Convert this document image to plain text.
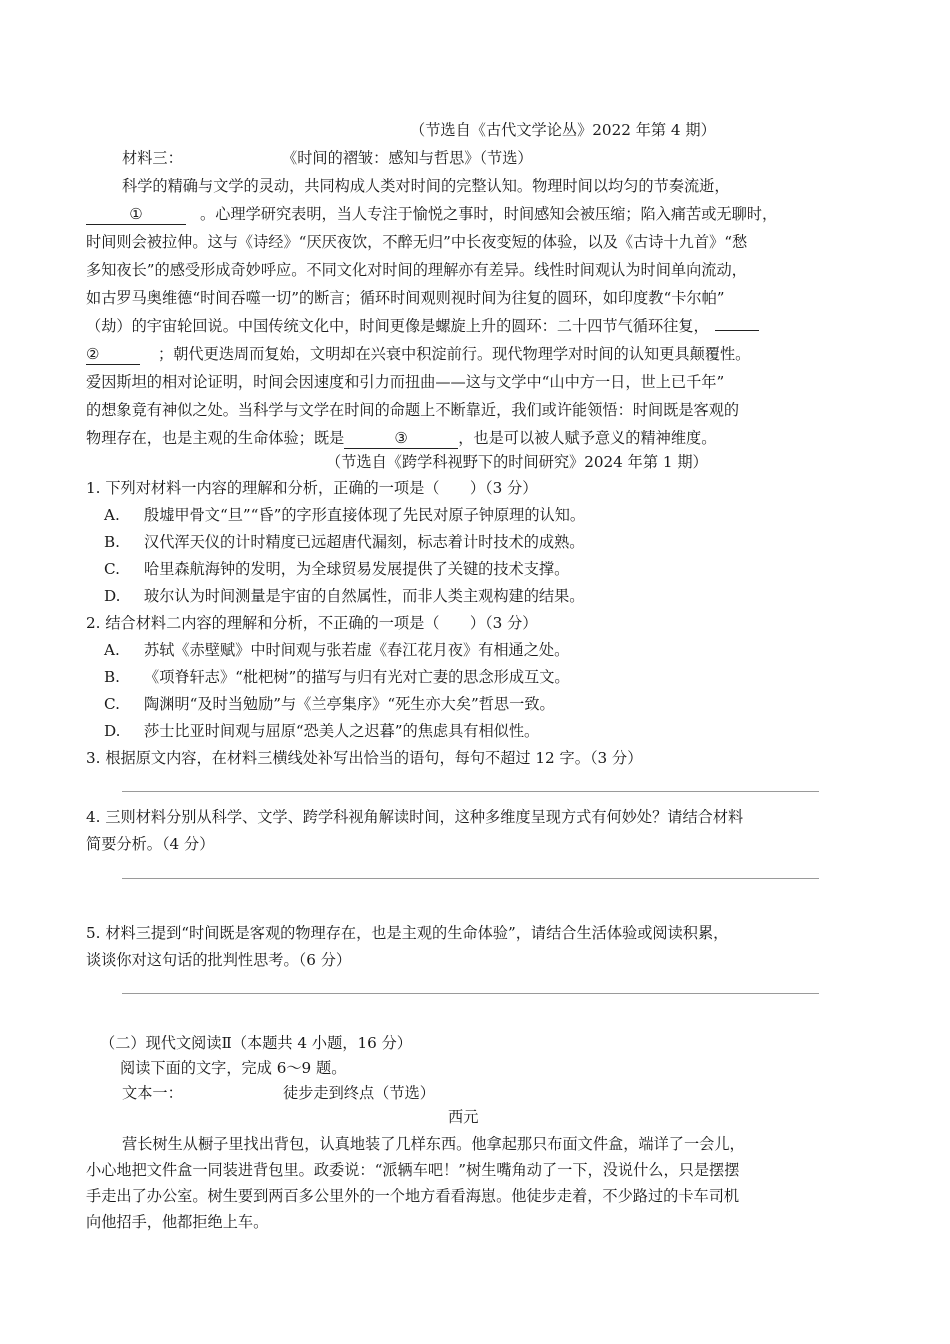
（节选自《古代文学论丛》2022 年第 4 期）
材料三：	《时间的褶皱：感知与哲思》（节选）
科学的精确与文学的灵动，共同构成人类对时间的完整认知。物理时间以均匀的节奏流逝，
①	。心理学研究表明，当人专注于愉悦之事时，时间感知会被压缩；陷入痛苦或无聊时，
时间则会被拉伸。这与《诗经》“厌厌夜饮，不醉无归”中长夜变短的体验，以及《古诗十九首》“愁
多知夜长”的感受形成奇妙呼应。不同文化对时间的理解亦有差异。线性时间观认为时间单向流动，
如古罗马奥维德“时间吞噬一切”的断言；循环时间观则视时间为往复的圆环，如印度教“卡尔帕”
（劫）的宇宙轮回说。中国传统文化中，时间更像是螺旋上升的圆环：二十四节气循环往复，
②	；朝代更迭周而复始，文明却在兴衰中积淀前行。现代物理学对时间的认知更具颠覆性。
爱因斯坦的相对论证明，时间会因速度和引力而扭曲——这与文学中“山中方一日，世上已千年”
的想象竟有神似之处。当科学与文学在时间的命题上不断靠近，我们或许能领悟：时间既是客观的
物理存在，也是主观的生命体验；既是	③	，也是可以被人赋予意义的精神维度。
（节选自《跨学科视野下的时间研究》2024 年第 1 期）
1. 下列对材料一内容的理解和分析，正确的一项是（　　）（3 分）
A. 殷墟甲骨文“旦”“昏”的字形直接体现了先民对原子钟原理的认知。
B. 汉代浑天仪的计时精度已远超唐代漏刻，标志着计时技术的成熟。
C. 哈里森航海钟的发明，为全球贸易发展提供了关键的技术支撑。
D. 玻尔认为时间测量是宇宙的自然属性，而非人类主观构建的结果。
2. 结合材料二内容的理解和分析，不正确的一项是（　　）（3 分）
A. 苏轼《赤壁赋》中时间观与张若虚《春江花月夜》有相通之处。
B. 《项脊轩志》“枇杷树”的描写与归有光对亡妻的思念形成互文。
C. 陶渊明“及时当勉励”与《兰亭集序》“死生亦大矣”哲思一致。
D. 莎士比亚时间观与屈原“恐美人之迟暮”的焦虑具有相似性。
3. 根据原文内容，在材料三横线处补写出恰当的语句，每句不超过 12 字。（3 分）
4. 三则材料分别从科学、文学、跨学科视角解读时间，这种多维度呈现方式有何妙处？请结合材料
简要分析。（4 分）
5. 材料三提到“时间既是客观的物理存在，也是主观的生命体验”，请结合生活体验或阅读积累，
谈谈你对这句话的批判性思考。（6 分）
（二）现代文阅读Ⅱ（本题共 4 小题，16 分）
阅读下面的文字，完成 6～9 题。
文本一：	徒步走到终点（节选）
西元
营长树生从橱子里找出背包，认真地装了几样东西。他拿起那只布面文件盒，端详了一会儿，
小心地把文件盒一同装进背包里。政委说：“派辆车吧！”树生嘴角动了一下，没说什么，只是摆摆
手走出了办公室。树生要到两百多公里外的一个地方看看海崽。他徒步走着，不少路过的卡车司机
向他招手，他都拒绝上车。
